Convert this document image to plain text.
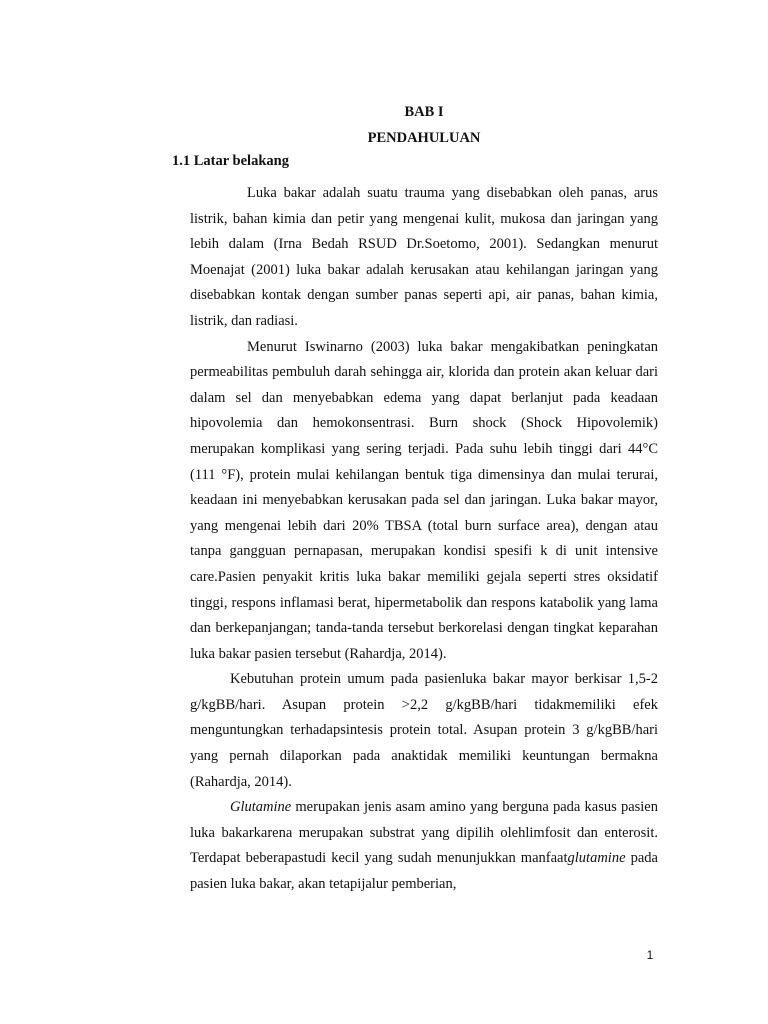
BAB I
PENDAHULUAN
1.1 Latar belakang

Luka bakar adalah suatu trauma yang disebabkan oleh panas, arus listrik, bahan kimia dan petir yang mengenai kulit, mukosa dan jaringan yang lebih dalam (Irna Bedah RSUD Dr.Soetomo, 2001). Sedangkan menurut Moenajat (2001) luka bakar adalah kerusakan atau kehilangan jaringan yang disebabkan kontak dengan sumber panas seperti api, air panas, bahan kimia, listrik, dan radiasi.

Menurut Iswinarno (2003) luka bakar mengakibatkan peningkatan permeabilitas pembuluh darah sehingga air, klorida dan protein akan keluar dari dalam sel dan menyebabkan edema yang dapat berlanjut pada keadaan hipovolemia dan hemokonsentrasi. Burn shock (Shock Hipovolemik) merupakan komplikasi yang sering terjadi. Pada suhu lebih tinggi dari 44°C (111 °F), protein mulai kehilangan bentuk tiga dimensinya dan mulai terurai, keadaan ini menyebabkan kerusakan pada sel dan jaringan. Luka bakar mayor, yang mengenai lebih dari 20% TBSA (total burn surface area), dengan atau tanpa gangguan pernapasan, merupakan kondisi spesifi k di unit intensive care.Pasien penyakit kritis luka bakar memiliki gejala seperti stres oksidatif tinggi, respons inflamasi berat, hipermetabolik dan respons katabolik yang lama dan berkepanjangan; tanda-tanda tersebut berkorelasi dengan tingkat keparahan luka bakar pasien tersebut (Rahardja, 2014).

Kebutuhan protein umum pada pasienluka bakar mayor berkisar 1,5-2 g/kgBB/hari. Asupan protein >2,2 g/kgBB/hari tidakmemiliki efek menguntungkan terhadapsintesis protein total. Asupan protein 3 g/kgBB/hari yang pernah dilaporkan pada anaktidak memiliki keuntungan bermakna (Rahardja, 2014).

Glutamine merupakan jenis asam amino yang berguna pada kasus pasien luka bakarkarena merupakan substrat yang dipilih olehlimfosit dan enterosit. Terdapat beberapastudi kecil yang sudah menunjukkan manfaatglutamine pada pasien luka bakar, akan tetapijalur pemberian,

1
